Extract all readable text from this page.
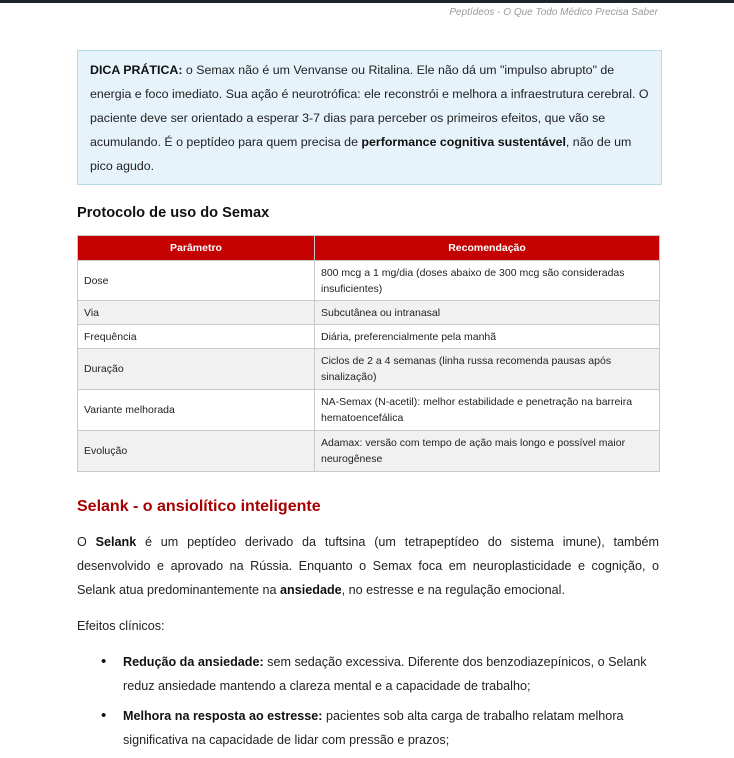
Peptídeos - O Que Todo Médico Precisa Saber
DICA PRÁTICA: o Semax não é um Venvanse ou Ritalina. Ele não dá um "impulso abrupto" de energia e foco imediato. Sua ação é neurotrófica: ele reconstrói e melhora a infraestrutura cerebral. O paciente deve ser orientado a esperar 3-7 dias para perceber os primeiros efeitos, que vão se acumulando. É o peptídeo para quem precisa de performance cognitiva sustentável, não de um pico agudo.
Protocolo de uso do Semax
Parâmetro	Recomendação
Dose	800 mcg a 1 mg/dia (doses abaixo de 300 mcg são consideradas insuficientes)
Via	Subcutânea ou intranasal
Frequência	Diária, preferencialmente pela manhã
Duração	Ciclos de 2 a 4 semanas (linha russa recomenda pausas após sinalização)
Variante melhorada	NA-Semax (N-acetil): melhor estabilidade e penetração na barreira hematoencefálica
Evolução	Adamax: versão com tempo de ação mais longo e possível maior neurogênese
Selank - o ansiolítico inteligente
O Selank é um peptídeo derivado da tuftsina (um tetrapeptídeo do sistema imune), também desenvolvido e aprovado na Rússia. Enquanto o Semax foca em neuroplasticidade e cognição, o Selank atua predominantemente na ansiedade, no estresse e na regulação emocional.
Efeitos clínicos:
• Redução da ansiedade: sem sedação excessiva. Diferente dos benzodiazepínicos, o Selank reduz ansiedade mantendo a clareza mental e a capacidade de trabalho;
• Melhora na resposta ao estresse: pacientes sob alta carga de trabalho relatam melhora significativa na capacidade de lidar com pressão e prazos;
